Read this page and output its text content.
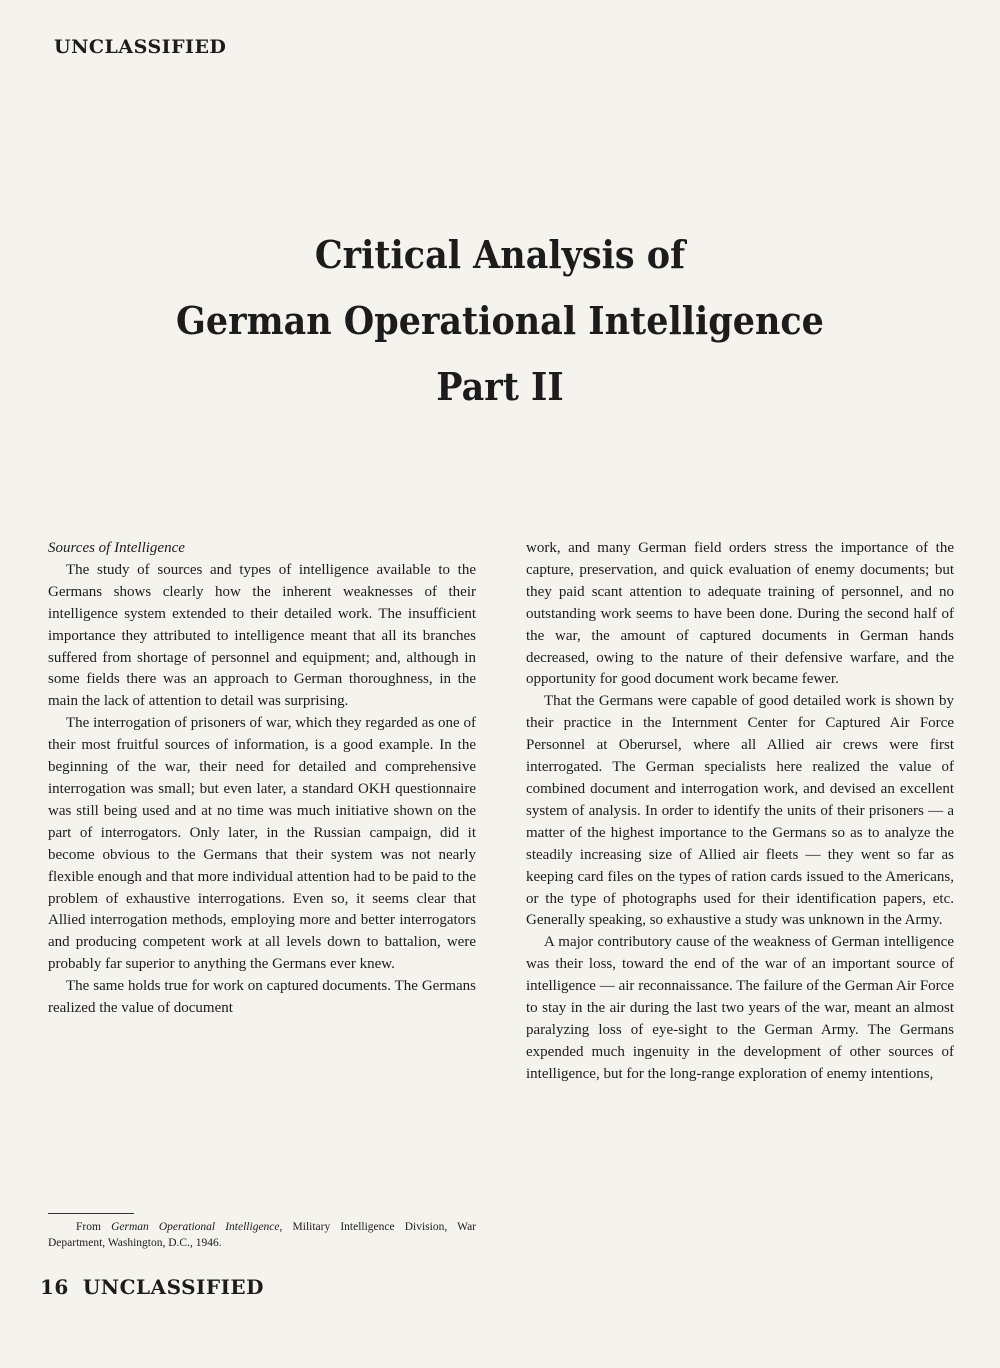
UNCLASSIFIED

Critical Analysis of

German Operational Intelligence

Part II

Sources of Intelligence

The study of sources and types of intelligence available to the Germans shows clearly how the inherent weaknesses of their intelligence system extended to their detailed work. The insufficient importance they attributed to intelligence meant that all its branches suffered from shortage of personnel and equipment; and, although in some fields there was an approach to German thoroughness, in the main the lack of attention to detail was surprising.

The interrogation of prisoners of war, which they regarded as one of their most fruitful sources of information, is a good example. In the beginning of the war, their need for detailed and comprehensive interrogation was small; but even later, a standard OKH questionnaire was still being used and at no time was much initiative shown on the part of interrogators. Only later, in the Russian campaign, did it become obvious to the Germans that their system was not nearly flexible enough and that more individual attention had to be paid to the problem of exhaustive interrogations. Even so, it seems clear that Allied interrogation methods, employing more and better interrogators and producing competent work at all levels down to battalion, were probably far superior to anything the Germans ever knew.

The same holds true for work on captured documents. The Germans realized the value of document

work, and many German field orders stress the importance of the capture, preservation, and quick evaluation of enemy documents; but they paid scant attention to adequate training of personnel, and no outstanding work seems to have been done. During the second half of the war, the amount of captured documents in German hands decreased, owing to the nature of their defensive warfare, and the opportunity for good document work became fewer.

That the Germans were capable of good detailed work is shown by their practice in the Internment Center for Captured Air Force Personnel at Oberursel, where all Allied air crews were first interrogated. The German specialists here realized the value of combined document and interrogation work, and devised an excellent system of analysis. In order to identify the units of their prisoners — a matter of the highest importance to the Germans so as to analyze the steadily increasing size of Allied air fleets — they went so far as keeping card files on the types of ration cards issued to the Americans, or the type of photographs used for their identification papers, etc. Generally speaking, so exhaustive a study was unknown in the Army.

A major contributory cause of the weakness of German intelligence was their loss, toward the end of the war of an important source of intelligence — air reconnaissance. The failure of the German Air Force to stay in the air during the last two years of the war, meant an almost paralyzing loss of eye-sight to the German Army. The Germans expended much ingenuity in the development of other sources of intelligence, but for the long-range exploration of enemy intentions,

From German Operational Intelligence, Military Intelligence Division, War Department, Washington, D.C., 1946.
16 UNCLASSIFIED
